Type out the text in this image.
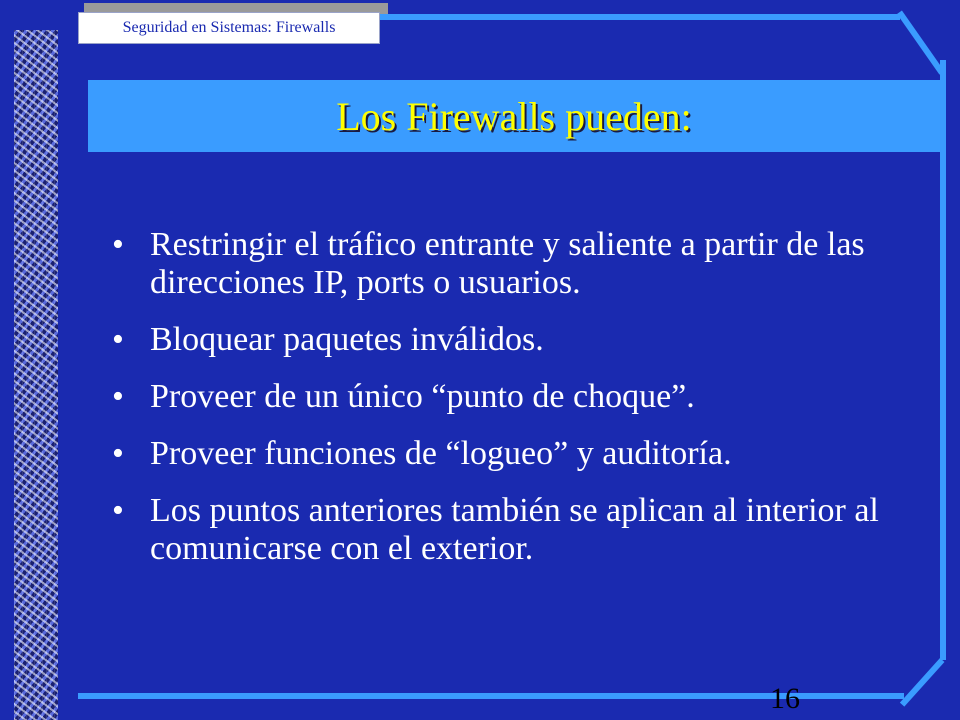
Seguridad en Sistemas: Firewalls
Los Firewalls pueden:
• Restringir el tráfico entrante y saliente a partir de las direcciones IP, ports o usuarios.
• Bloquear paquetes inválidos.
• Proveer de un único “punto de choque”.
• Proveer funciones de “logueo” y auditoría.
• Los puntos anteriores también se aplican al interior al comunicarse con el exterior.
16
